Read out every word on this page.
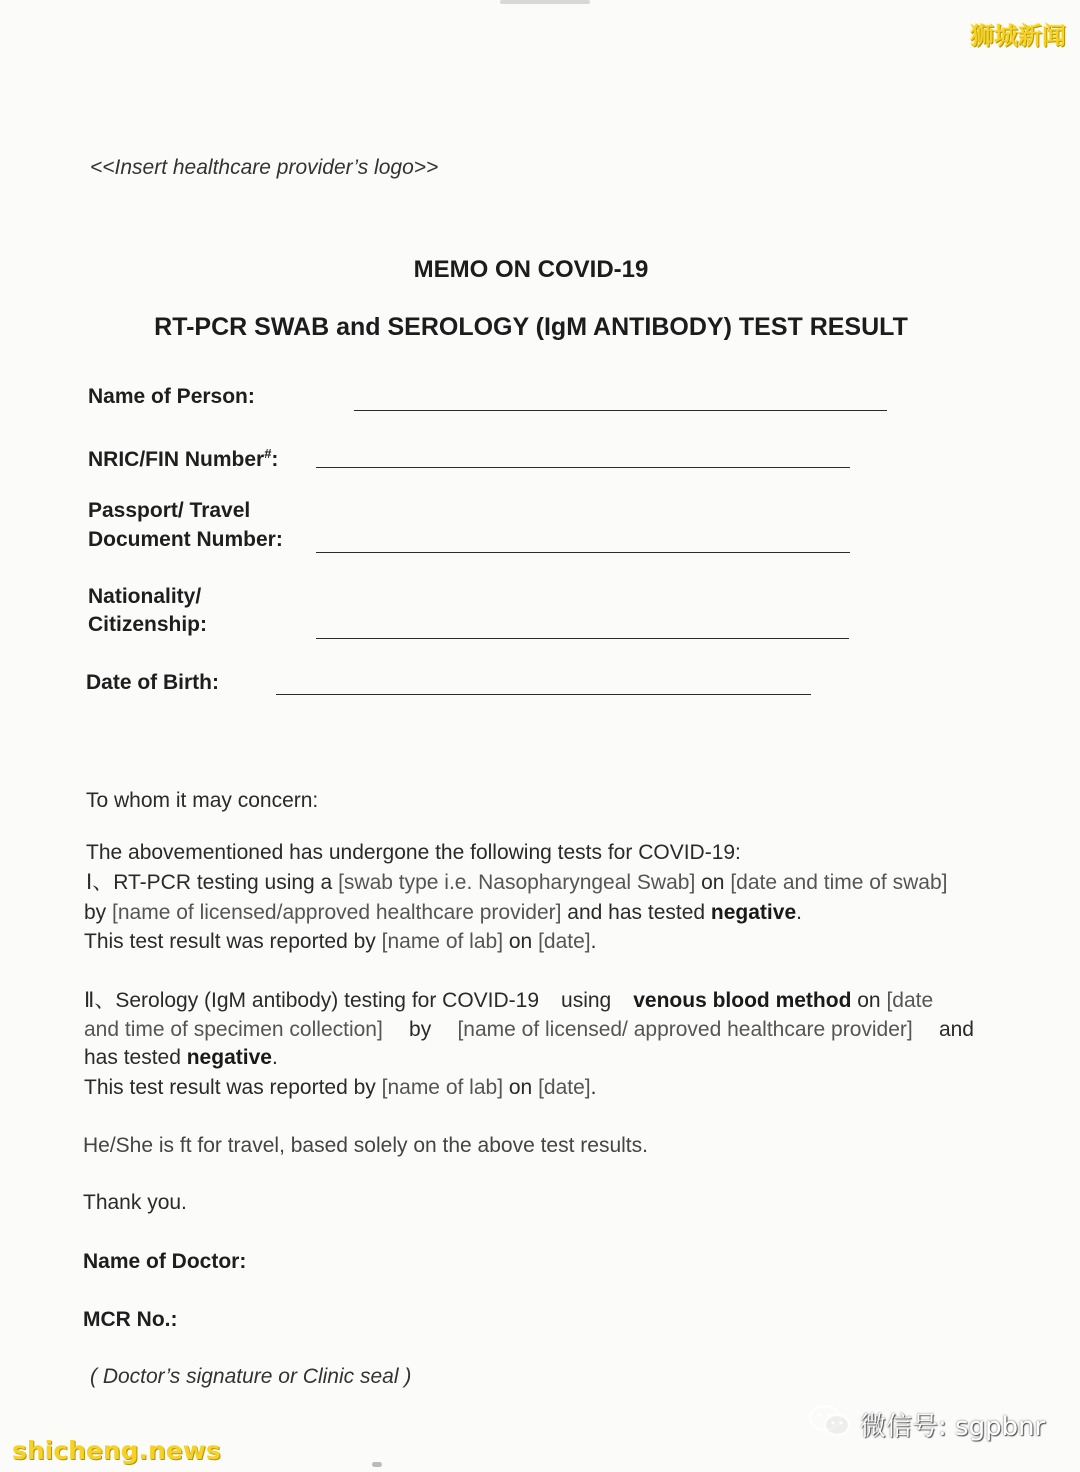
狮城新闻
<<Insert healthcare provider’s logo>>
MEMO ON COVID-19
RT-PCR SWAB and SEROLOGY (IgM ANTIBODY) TEST RESULT
Name of Person:
NRIC/FIN Number#:
Passport/ Travel
Document Number:
Nationality/
Citizenship:
Date of Birth:
To whom it may concern:
The abovementioned has undergone the following tests for COVID-19:
Ⅰ、RT-PCR testing using a [swab type i.e. Nasopharyngeal Swab] on [date and time of swab]
by [name of licensed/approved healthcare provider] and has tested negative.
This test result was reported by [name of lab] on [date].
Ⅱ、Serology (IgM antibody) testing for COVID-19 using venous blood method on [date
and time of specimen collection] by [name of licensed/ approved healthcare provider] and
has tested negative.
This test result was reported by [name of lab] on [date].
He/She is ft for travel, based solely on the above test results.
Thank you.
Name of Doctor:
MCR No.:
( Doctor’s signature or Clinic seal )
微信号: sgpbnr
shicheng.news
